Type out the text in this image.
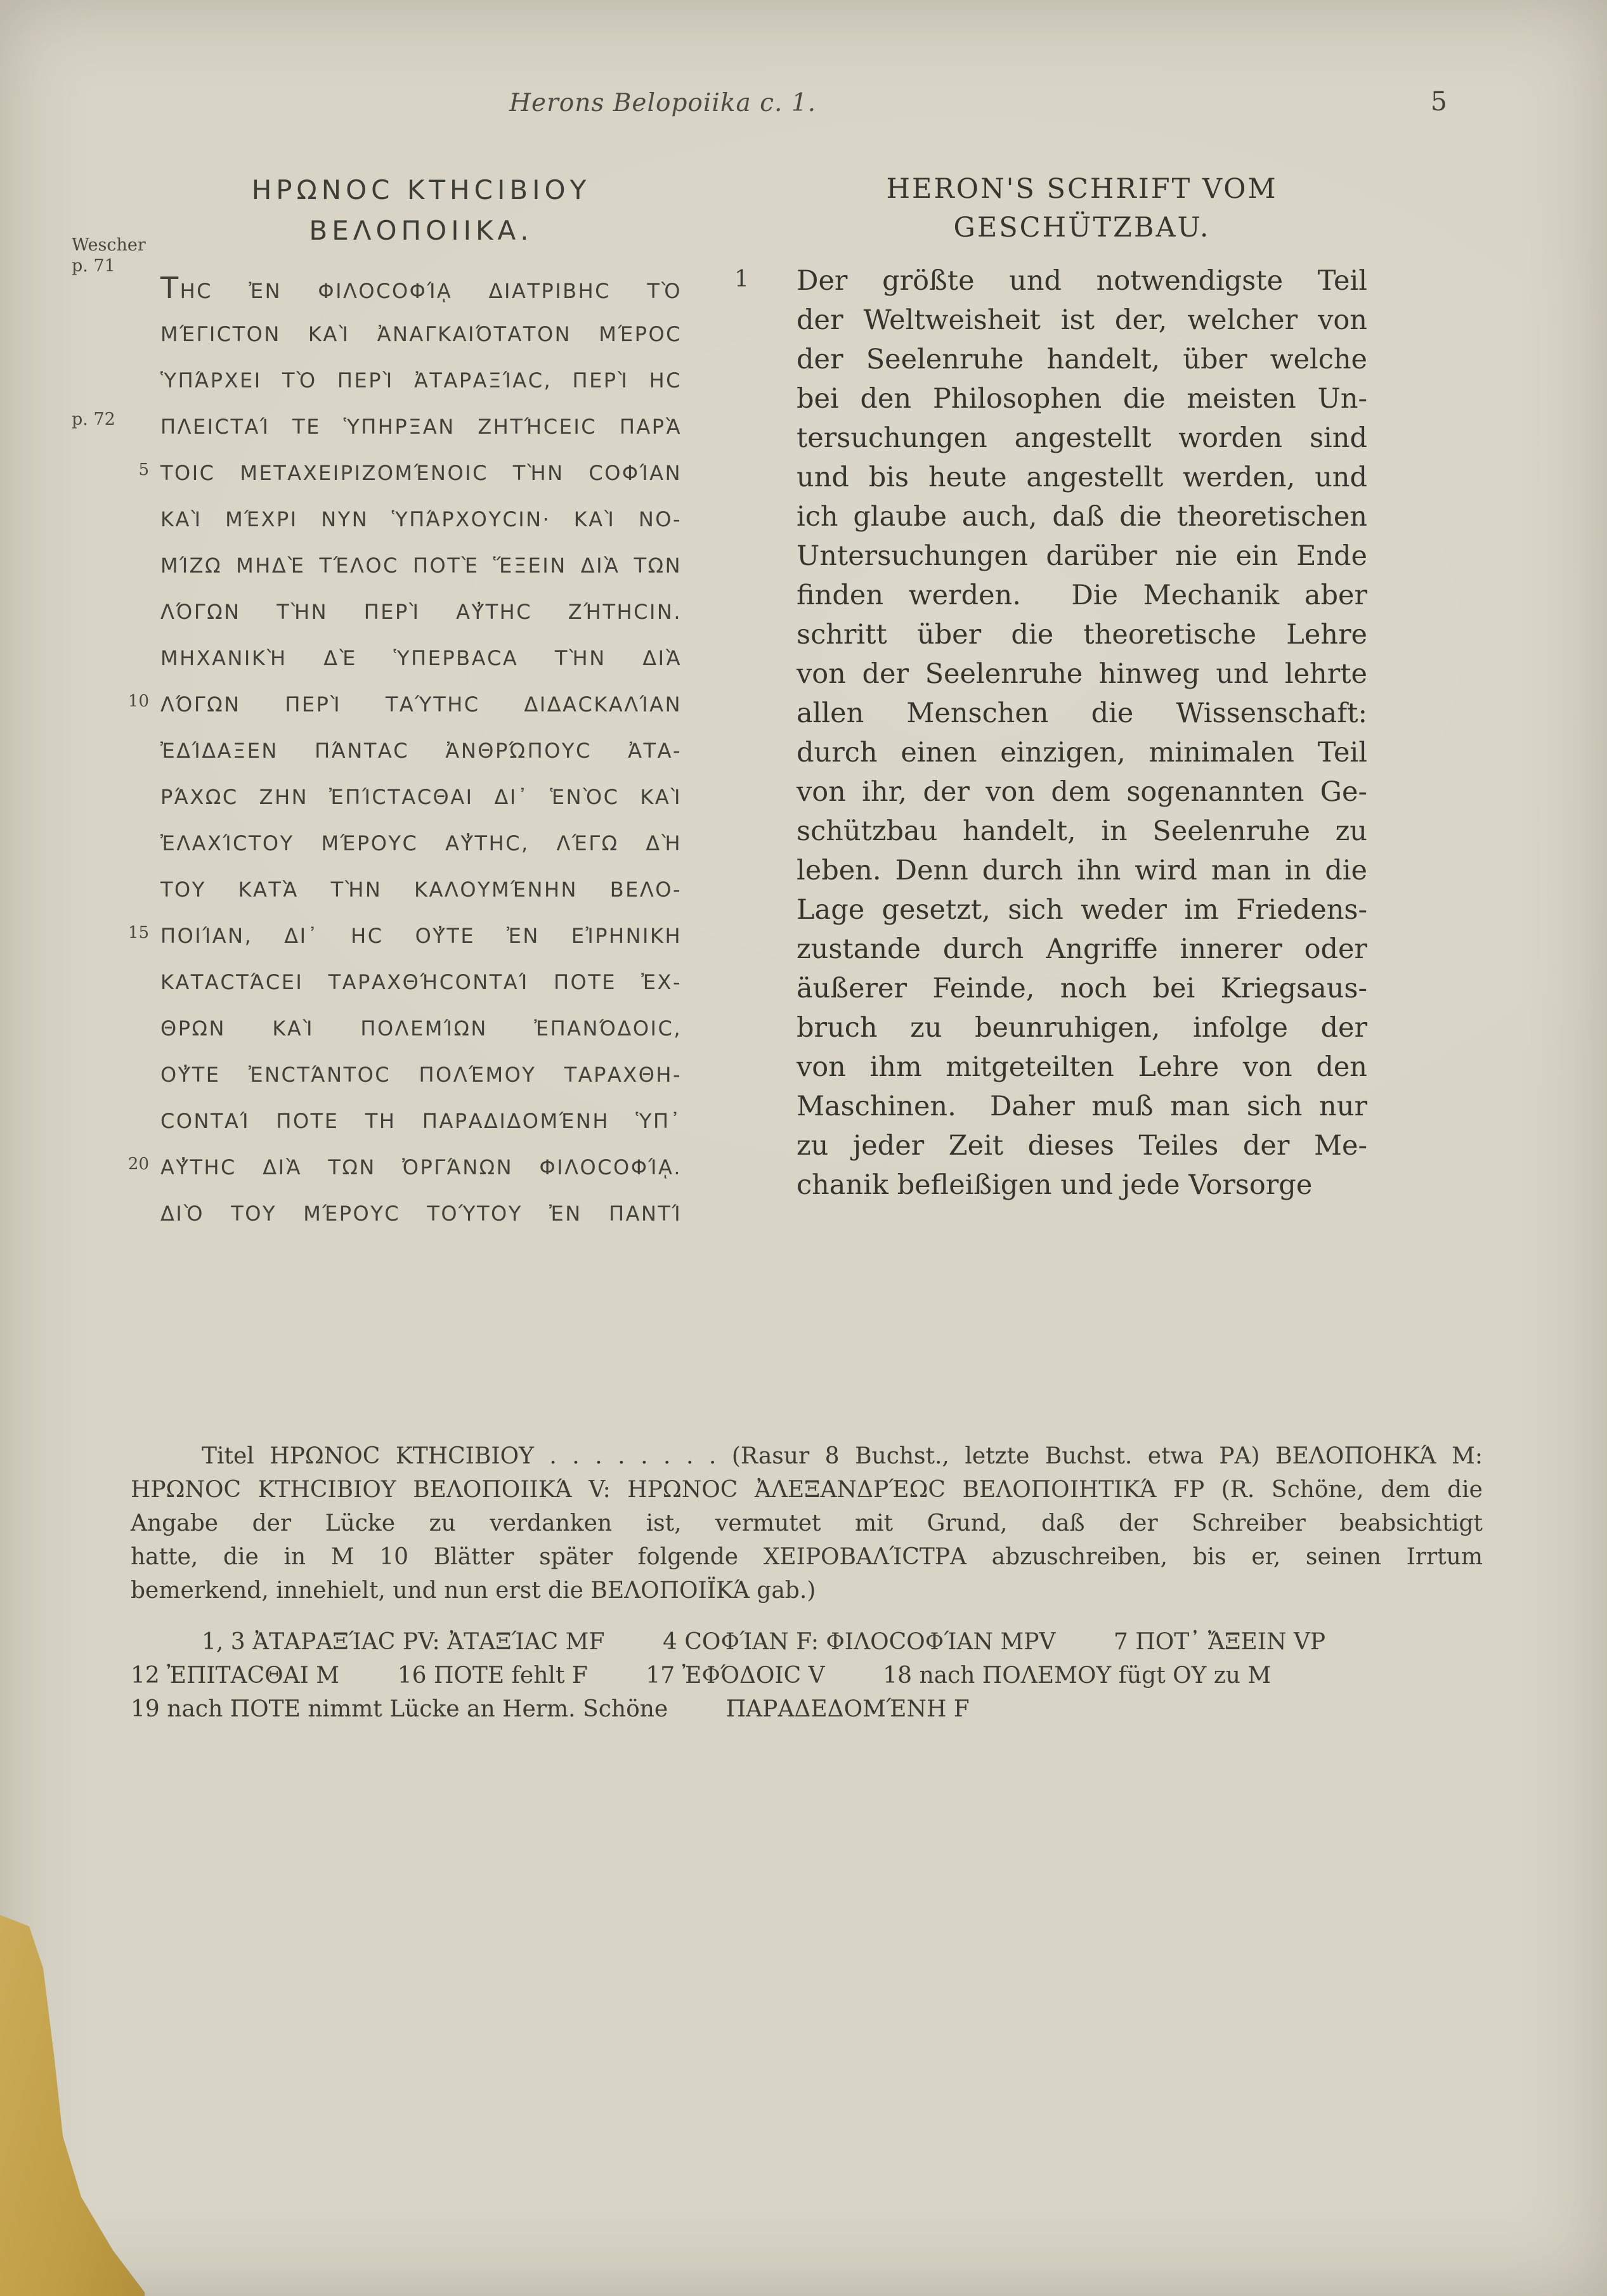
Herons Belopoiika c. 1.	5
ΗΡΩΝΟC ΚΤΗCΙΒΙΟΥ
ΒΕΛΟΠΟΙΙΚΑ.
Wescher
p. 71
ΤΗC ἘΝ ΦΙΛΟCΟΦΊᾼ ΔΙΑΤΡΙΒΗC ΤῸ
ΜΈΓΙCΤΟΝ ΚΑῚ ἈΝΑΓΚΑΙΌΤΑΤΟΝ ΜΈΡΟC
ὙΠΆΡΧΕΙ ΤῸ ΠΕΡῚ ἈΤΑΡΑΞΊΑC, ΠΕΡῚ ΗC
p. 72	ΠΛΕΙCΤΑΊ ΤΕ ὙΠΗΡΞΑΝ ΖΗΤΉCΕΙC ΠΑΡᾺ
5 ΤΟΙC ΜΕΤΑΧΕΙΡΙΖΟΜΈΝΟΙC ΤῊΝ CΟΦΊΑΝ
ΚΑῚ ΜΈΧΡΙ ΝΥΝ ὙΠΆΡΧΟΥCΙΝ· ΚΑῚ ΝΟ-
ΜΊΖΩ ΜΗΔῈ ΤΈΛΟC ΠΟΤῈ ἝΞΕΙΝ ΔΙᾺ ΤΩΝ
ΛΌΓΩΝ ΤῊΝ ΠΕΡῚ ΑΥ̓ΤΗC ΖΉΤΗCΙΝ.
ΜΗΧΑΝΙΚῊ ΔῈ ὙΠΕΡΒΑCΑ ΤῊΝ ΔΙᾺ
10 ΛΌΓΩΝ ΠΕΡῚ ΤΑΎΤΗC ΔΙΔΑCΚΑΛΊΑΝ
ἘΔΊΔΑΞΕΝ ΠΆΝΤΑC ἈΝΘΡΏΠΟΥC ἈΤΑ-
ΡΆΧΩC ΖΗΝ ἘΠΊCΤΑCΘΑΙ ΔΙ᾿ ἙΝῸC ΚΑῚ
ἘΛΑΧΊCΤΟΥ ΜΈΡΟΥC ΑΥ̓ΤΗC, ΛΈΓΩ ΔῊ
ΤΟΥ ΚΑΤᾺ ΤῊΝ ΚΑΛΟΥΜΈΝΗΝ ΒΕΛΟ-
15 ΠΟΙΊΑΝ, ΔΙ᾿ ΗC ΟΥ̓ΤΕ ἘΝ ΕἸΡΗΝΙΚΗ
ΚΑΤΑCΤΆCΕΙ ΤΑΡΑΧΘΉCΟΝΤΑΊ ΠΟΤΕ ἘΧ-
ΘΡΩΝ ΚΑῚ ΠΟΛΕΜΊΩΝ ἘΠΑΝΌΔΟΙC,
ΟΥ̓ΤΕ ἘΝCΤΆΝΤΟC ΠΟΛΈΜΟΥ ΤΑΡΑΧΘΗ-
CΟΝΤΑΊ ΠΟΤΕ ΤΗ ΠΑΡΑΔΙΔΟΜΈΝΗ ὙΠ᾿
20 ΑΥ̓ΤΗC ΔΙᾺ ΤΩΝ ὈΡΓΆΝΩΝ ΦΙΛΟCΟΦΊᾼ.
ΔΙῸ ΤΟΥ ΜΈΡΟΥC ΤΟΎΤΟΥ ἘΝ ΠΑΝΤΊ
1
HERON'S SCHRIFT VOM
GESCHÜTZBAU.
Der größte und notwendigste Teil
der Weltweisheit ist der, welcher von
der Seelenruhe handelt, über welche
bei den Philosophen die meisten Un-
tersuchungen angestellt worden sind
und bis heute angestellt werden, und
ich glaube auch, daß die theoretischen
Untersuchungen darüber nie ein Ende
finden werden.  Die Mechanik aber
schritt über die theoretische Lehre
von der Seelenruhe hinweg und lehrte
allen Menschen die Wissenschaft:
durch einen einzigen, minimalen Teil
von ihr, der von dem sogenannten Ge-
schützbau handelt, in Seelenruhe zu
leben. Denn durch ihn wird man in die
Lage gesetzt, sich weder im Friedens-
zustande durch Angriffe innerer oder
äußerer Feinde, noch bei Kriegsaus-
bruch zu beunruhigen, infolge der
von ihm mitgeteilten Lehre von den
Maschinen.  Daher muß man sich nur
zu jeder Zeit dieses Teiles der Me-
chanik befleißigen und jede Vorsorge
Titel ΗΡΩΝΟC ΚΤΗCΙΒΙΟΥ . . . . . . . . (Rasur 8 Buchst., letzte Buchst. etwa ΡΑ) ΒΕΛΟΠΟΗΚΆ Μ:
ΗΡΩΝΟC ΚΤΗCΙΒΙΟΥ ΒΕΛΟΠΟΙΙΚΆ V: ΗΡΩΝΟC ἈΛΕΞΑΝΔΡΈΩC ΒΕΛΟΠΟΙΗΤΙΚΆ FP (R. Schöne, dem die
Angabe der Lücke zu verdanken ist, vermutet mit Grund, daß der Schreiber beabsichtigt
hatte, die in M 10 Blätter später folgende ΧΕΙΡΟΒΑΛΊCΤΡΑ abzuschreiben, bis er, seinen Irrtum
bemerkend, innehielt, und nun erst die ΒΕΛΟΠΟΙΪΚΆ gab.)
1, 3 ἈΤΑΡΑΞΊΑC PV: ἈΤΑΞΊΑC MF        4 CΟΦΊΑΝ F: ΦΙΛΟCΟΦΊΑΝ MPV        7 ΠΟΤ᾿ ἌΞΕΙΝ VP
12 ἘΠΙΤΑCΘΑΙ M        16 ΠΟΤΕ fehlt F        17 ἘΦΌΔΟΙC V        18 nach ΠΟΛΕΜΟΥ fügt ΟΥ zu M
19 nach ΠΟΤΕ nimmt Lücke an Herm. Schöne        ΠΑΡΑΔΕΔΟΜΈΝΗ F
